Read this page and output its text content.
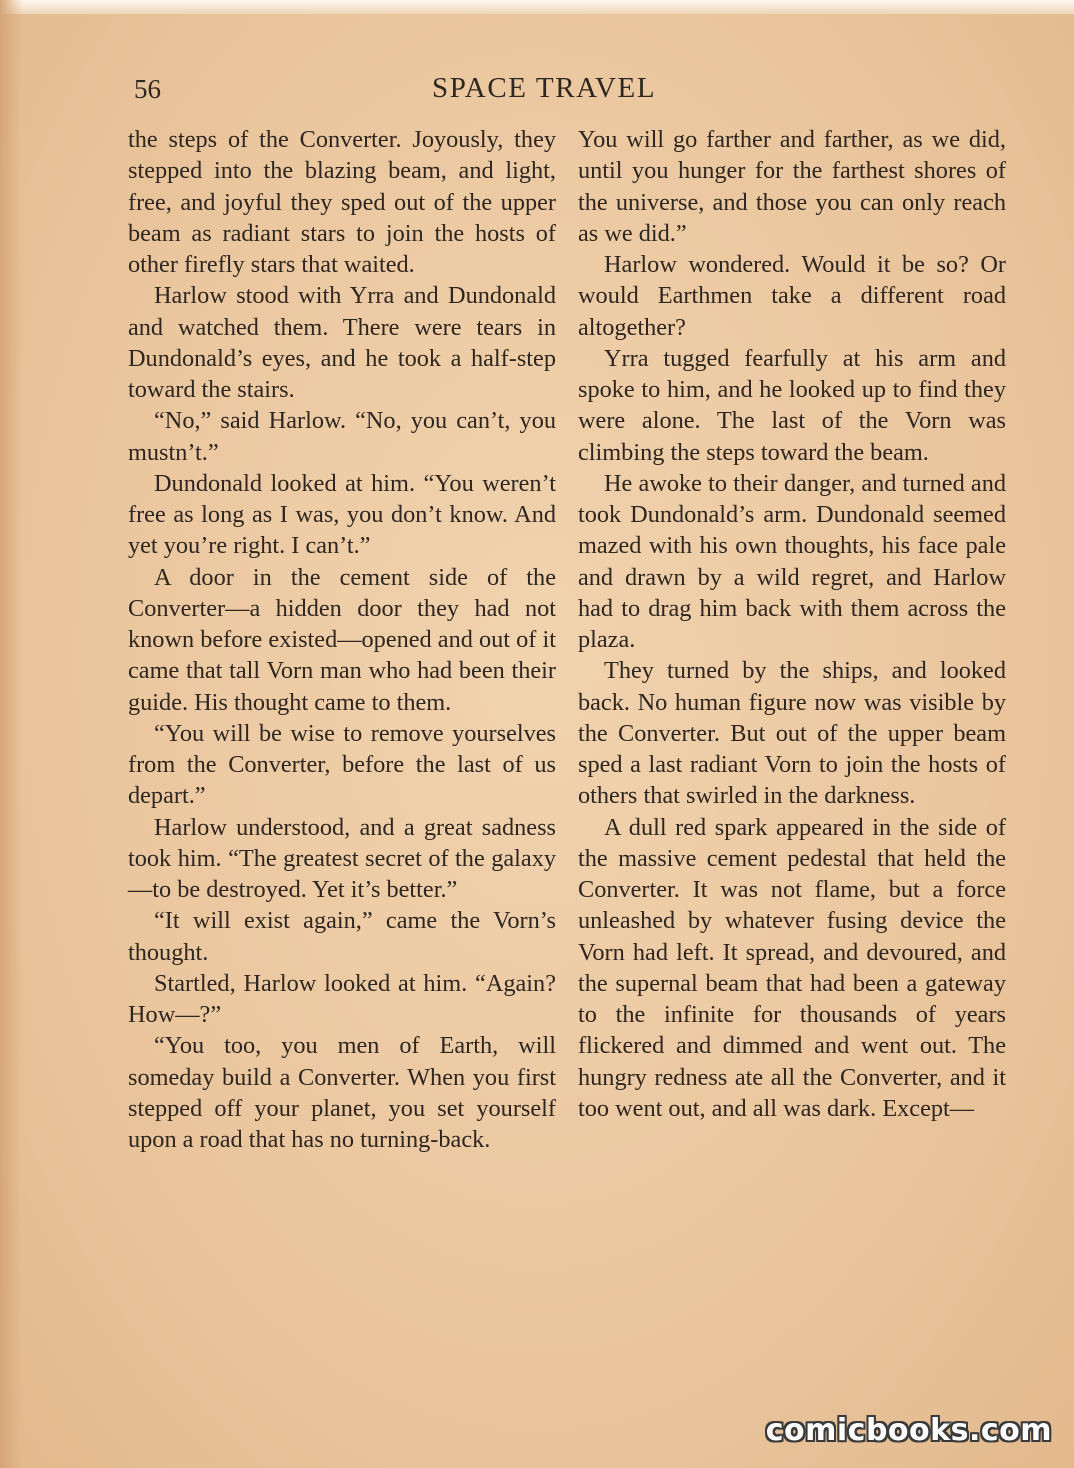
56	SPACE TRAVEL

the steps of the Converter. Joyously, they stepped into the blazing beam, and light, free, and joyful they sped out of the upper beam as radiant stars to join the hosts of other firefly stars that waited.

Harlow stood with Yrra and Dundonald and watched them. There were tears in Dundonald’s eyes, and he took a half-step toward the stairs.

“No,” said Harlow. “No, you can’t, you mustn’t.”

Dundonald looked at him. “You weren’t free as long as I was, you don’t know. And yet you’re right. I can’t.”

A door in the cement side of the Converter—a hidden door they had not known before existed—opened and out of it came that tall Vorn man who had been their guide. His thought came to them.

“You will be wise to remove yourselves from the Converter, before the last of us depart.”

Harlow understood, and a great sadness took him. “The greatest secret of the galaxy—to be destroyed. Yet it’s better.”

“It will exist again,” came the Vorn’s thought.

Startled, Harlow looked at him. “Again? How—?”

“You too, you men of Earth, will someday build a Converter. When you first stepped off your planet, you set yourself upon a road that has no turning-back.

You will go farther and farther, as we did, until you hunger for the farthest shores of the universe, and those you can only reach as we did.”

Harlow wondered. Would it be so? Or would Earthmen take a different road altogether?

Yrra tugged fearfully at his arm and spoke to him, and he looked up to find they were alone. The last of the Vorn was climbing the steps toward the beam.

He awoke to their danger, and turned and took Dundonald’s arm. Dundonald seemed mazed with his own thoughts, his face pale and drawn by a wild regret, and Harlow had to drag him back with them across the plaza.

They turned by the ships, and looked back. No human figure now was visible by the Converter. But out of the upper beam sped a last radiant Vorn to join the hosts of others that swirled in the darkness.

A dull red spark appeared in the side of the massive cement pedestal that held the Converter. It was not flame, but a force unleashed by whatever fusing device the Vorn had left. It spread, and devoured, and the supernal beam that had been a gateway to the infinite for thousands of years flickered and dimmed and went out. The hungry redness ate all the Converter, and it too went out, and all was dark. Except—

comicbooks.com
